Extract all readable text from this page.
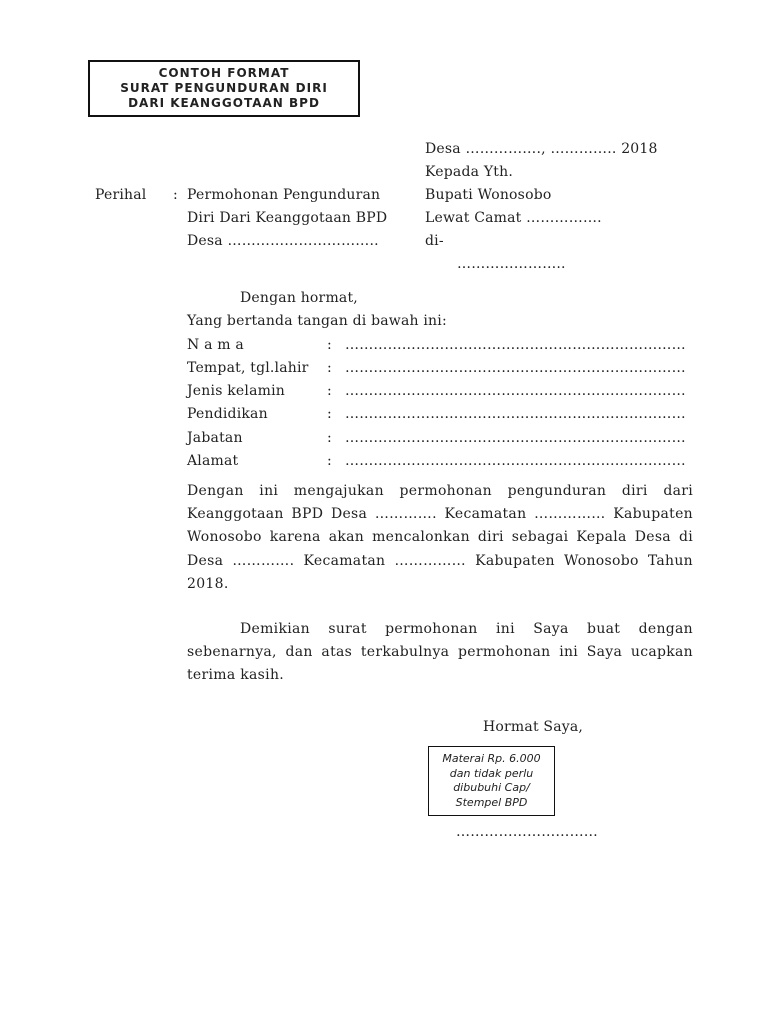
CONTOH FORMAT
SURAT PENGUNDURAN DIRI
DARI KEANGGOTAAN BPD
Desa ……………., ………….. 2018
Kepada Yth.
Bupati Wonosobo
Lewat Camat …………….
di-
…………………..
Perihal : Permohonan Pengunduran
Diri Dari Keanggotaan BPD
Desa …………………………..
Dengan hormat,
Yang bertanda tangan di bawah ini:
N a m a	: ………………………………………………………………
Tempat, tgl.lahir : ………………………………………………………………
Jenis kelamin	: ………………………………………………………………
Pendidikan	: ………………………………………………………………
Jabatan	: ………………………………………………………………
Alamat	: ………………………………………………………………
Dengan ini mengajukan permohonan pengunduran diri dari Keanggotaan BPD Desa …………. Kecamatan …………… Kabupaten Wonosobo karena akan mencalonkan diri sebagai Kepala Desa di Desa …………. Kecamatan …………… Kabupaten Wonosobo Tahun 2018.
Demikian surat permohonan ini Saya buat dengan sebenarnya, dan atas terkabulnya permohonan ini Saya ucapkan terima kasih.
Hormat Saya,
Materai Rp. 6.000
dan tidak perlu
dibubuhi Cap/
Stempel BPD
…………………………
